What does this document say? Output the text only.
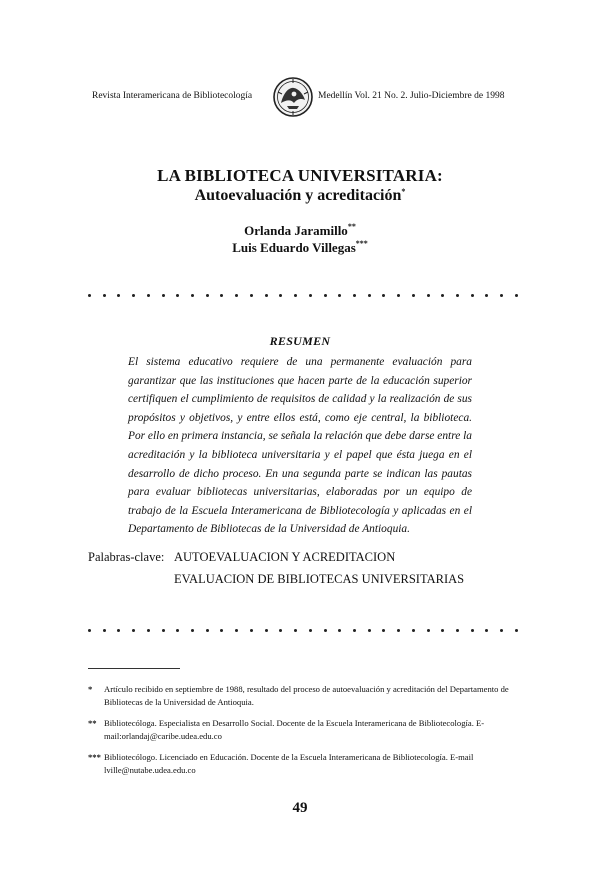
Revista Interamericana de Bibliotecología	Medellín Vol. 21 No. 2. Julio-Diciembre de 1998
LA BIBLIOTECA UNIVERSITARIA:
Autoevaluación y acreditación*
Orlanda Jaramillo**
Luis Eduardo Villegas***
RESUMEN

El sistema educativo requiere de una permanente evaluación para garantizar que las instituciones que hacen parte de la educación superior certifiquen el cumplimiento de requisitos de calidad y la realización de sus propósitos y objetivos, y entre ellos está, como eje central, la biblioteca. Por ello en primera instancia, se señala la relación que debe darse entre la acreditación y la biblioteca universitaria y el papel que ésta juega en el desarrollo de dicho proceso. En una segunda parte se indican las pautas para evaluar bibliotecas universitarias, elaboradas por un equipo de trabajo de la Escuela Interamericana de Bibliotecología y aplicadas en el Departamento de Bibliotecas de la Universidad de Antioquia.

Palabras-clave: AUTOEVALUACION Y ACREDITACION
EVALUACION DE BIBLIOTECAS UNIVERSITARIAS
* Artículo recibido en septiembre de 1988, resultado del proceso de autoevaluación y acreditación del Departamento de Bibliotecas de la Universidad de Antioquia.
** Bibliotecóloga. Especialista en Desarrollo Social. Docente de la Escuela Interamericana de Bibliotecología. E-mail:orlandaj@caribe.udea.edu.co
*** Bibliotecólogo. Licenciado en Educación. Docente de la Escuela Interamericana de Bibliotecología. E-mail lville@nutabe.udea.edu.co
49
